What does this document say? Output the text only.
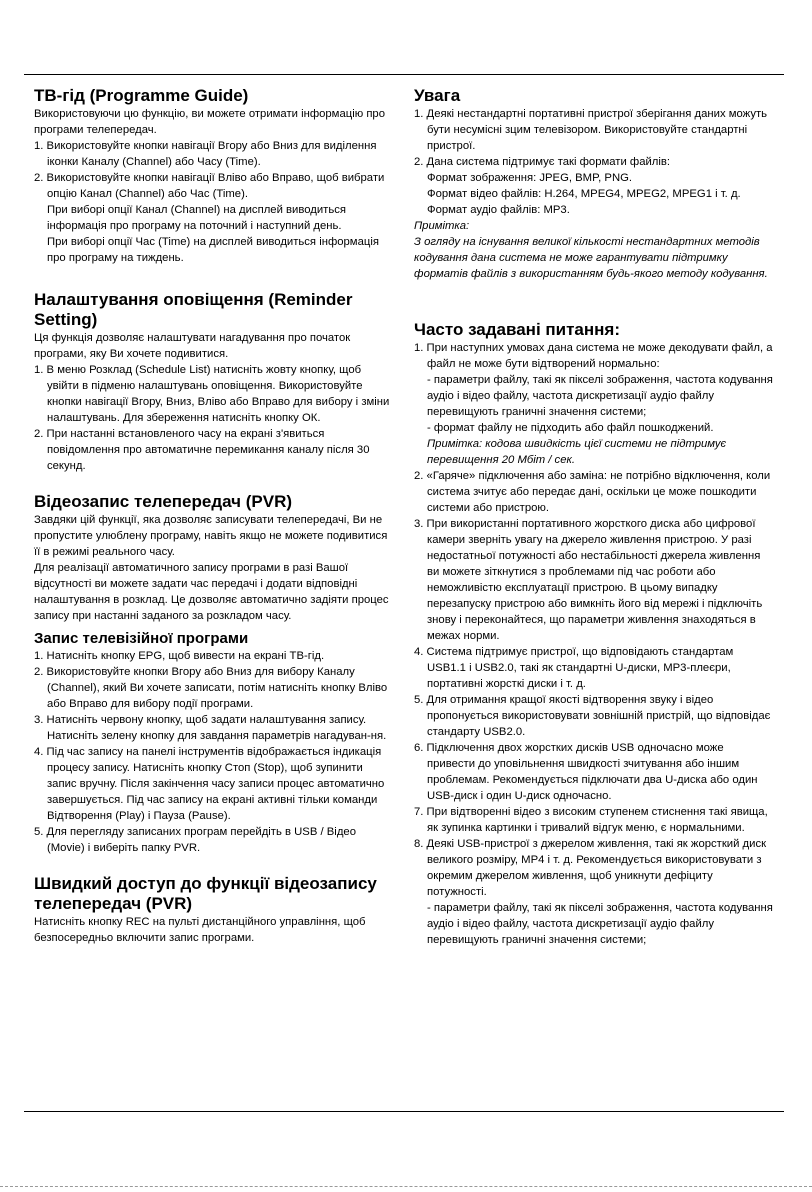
ТВ-гід (Programme Guide)

Використовуючи цю функцію, ви можете отримати інформацію про програми телепередач.

1. Використовуйте кнопки навігації Вгору або Вниз для виділення іконки Каналу (Channel) або Часу (Time).

2. Використовуйте кнопки навігації Вліво або Вправо, щоб вибрати опцію Канал (Channel) або Час (Time).

При виборі опції Канал (Channel) на дисплей виводиться інформація про програму на поточний і наступний день.

При виборі опції Час (Time) на дисплей виводиться інформація про програму на тиждень.

Налаштування оповіщення (Reminder Setting)

Ця функція дозволяє налаштувати нагадування про початок програми, яку Ви хочете подивитися.

1. В меню Розклад (Schedule List) натисніть жовту кнопку, щоб увійти в підменю налаштувань оповіщення. Використовуйте кнопки навігації Вгору, Вниз, Вліво або Вправо для вибору і зміни налаштувань. Для збереження натисніть кнопку ОК.

2. При настанні встановленого часу на екрані з'явиться повідомлення про автоматичне перемикання каналу після 30 секунд.

Відеозапис телепередач (PVR)

Завдяки цій функції, яка дозволяє записувати телепередачі, Ви не пропустите улюблену програму, навіть якщо не можете подивитися її в режимі реального часу.

Для реалізації автоматичного запису програми в разі Вашої відсутності ви можете задати час передачі і додати відповідні налаштування в розклад. Це дозволяє автоматично задіяти процес запису при настанні заданого за розкладом часу.

Запис телевізійної програми

1. Натисніть кнопку EPG, щоб вивести на екрані ТВ-гід.

2. Використовуйте кнопки Вгору або Вниз для вибору Каналу (Channel), який Ви хочете записати, потім натисніть кнопку Вліво або Вправо для вибору події програми.

3. Натисніть червону кнопку, щоб задати налаштування запису. Натисніть зелену кнопку для завдання параметрів нагадуван-ня.

4. Під час запису на панелі інструментів відображається індикація процесу запису. Натисніть кнопку Стоп (Stop), щоб зупинити запис вручну. Після закінчення часу записи процес автоматично завершується. Під час запису на екрані активні тільки команди Відтворення (Play) і Пауза (Pause).

5. Для перегляду записаних програм перейдіть в USB / Відео (Movie) і виберіть папку PVR.

Швидкий доступ до функції відеозапису телепередач (PVR)

Натисніть кнопку REC на пульті дистанційного управління, щоб безпосередньо включити запис програми.

Увага

1. Деякі нестандартні портативні пристрої зберігання даних можуть бути несумісні зцим телевізором. Використовуйте стандартні пристрої.

2. Дана система підтримує такі формати файлів:

Формат зображення: JPEG, BMP, PNG.

Формат відео файлів: H.264, MPEG4, MPEG2, MPEG1 і т. д.

Формат аудіо файлів: MP3.

Примітка:

З огляду на існування великої кількості нестандартних методів кодування дана система не може гарантувати підтримку форматів файлів з використанням будь-якого методу кодування.

Часто задавані питання:

1. При наступних умовах дана система не може декодувати файл, а файл не може бути відтворений нормально:

- параметри файлу, такі як пікселі зображення, частота кодування аудіо і відео файлу, частота дискретизації аудіо файлу перевищують граничні значення системи;

- формат файлу не підходить або файл пошкоджений.

Примітка: кодова швидкість цієї системи не підтримує перевищення 20 Мбіт / сек.

2. «Гаряче» підключення або заміна: не потрібно відключення, коли система зчитує або передає дані, оскільки це може пошкодити системи або пристрою.

3. При використанні портативного жорсткого диска або цифрової камери зверніть увагу на джерело живлення пристрою. У разі недостатньої потужності або нестабільності джерела живлення ви можете зіткнутися з проблемами під час роботи або неможливістю експлуатації пристрою. В цьому випадку перезапуску пристрою або вимкніть його від мережі і підключіть знову і переконайтеся, що параметри живлення знаходяться в межах норми.

4. Система підтримує пристрої, що відповідають стандартам USB1.1 і USB2.0, такі як стандартні U-диски, MP3-плеєри, портативні жорсткі диски і т. д.

5. Для отримання кращої якості відтворення звуку і відео пропонується використовувати зовнішній пристрій, що відповідає стандарту USB2.0.

6. Підключення двох жорстких дисків USB одночасно може привести до уповільнення швидкості зчитування або іншим проблемам. Рекомендується підключати два U-диска або один USB-диск і один U-диск одночасно.

7. При відтворенні відео з високим ступенем стиснення такі явища, як зупинка картинки і тривалий відгук меню, є нормальними.

8. Деякі USB-пристрої з джерелом живлення, такі як жорсткий диск великого розміру, MP4 і т. д. Рекомендується використовувати з окремим джерелом живлення, щоб уникнути дефіциту потужності.

- параметри файлу, такі як пікселі зображення, частота кодування аудіо і відео файлу, частота дискретизації аудіо файлу перевищують граничні значення системи;
